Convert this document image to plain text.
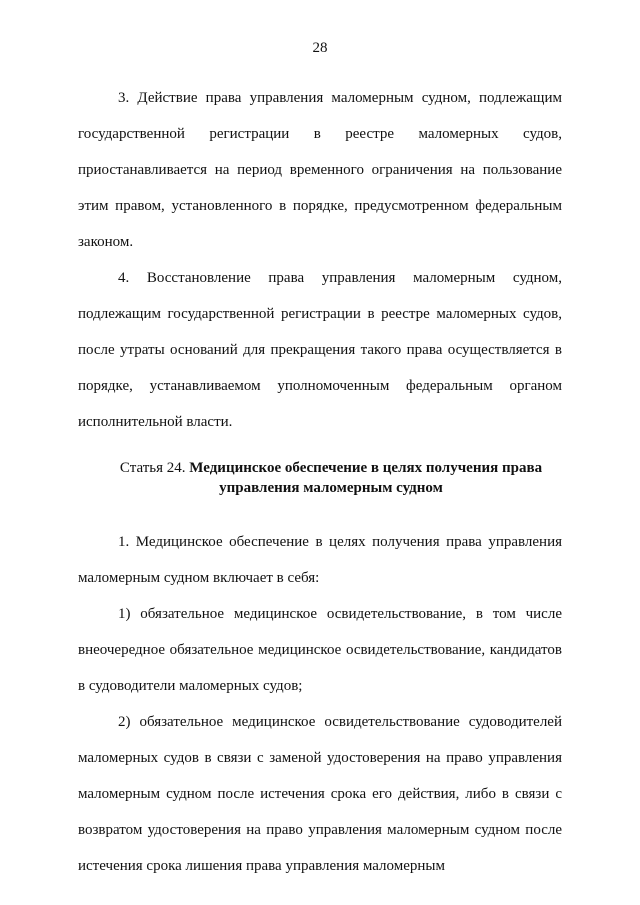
28

3. Действие права управления маломерным судном, подлежащим государственной регистрации в реестре маломерных судов, приостанавливается на период временного ограничения на пользование этим правом, установленного в порядке, предусмотренном федеральным законом.

4. Восстановление права управления маломерным судном, подлежащим государственной регистрации в реестре маломерных судов, после утраты оснований для прекращения такого права осуществляется в порядке, устанавливаемом уполномоченным федеральным органом исполнительной власти.

Статья 24. Медицинское обеспечение в целях получения права
управления маломерным судном

1. Медицинское обеспечение в целях получения права управления маломерным судном включает в себя:

1) обязательное медицинское освидетельствование, в том числе внеочередное обязательное медицинское освидетельствование, кандидатов в судоводители маломерных судов;

2) обязательное медицинское освидетельствование судоводителей маломерных судов в связи с заменой удостоверения на право управления маломерным судном после истечения срока его действия, либо в связи с возвратом удостоверения на право управления маломерным судном после истечения срока лишения права управления маломерным
